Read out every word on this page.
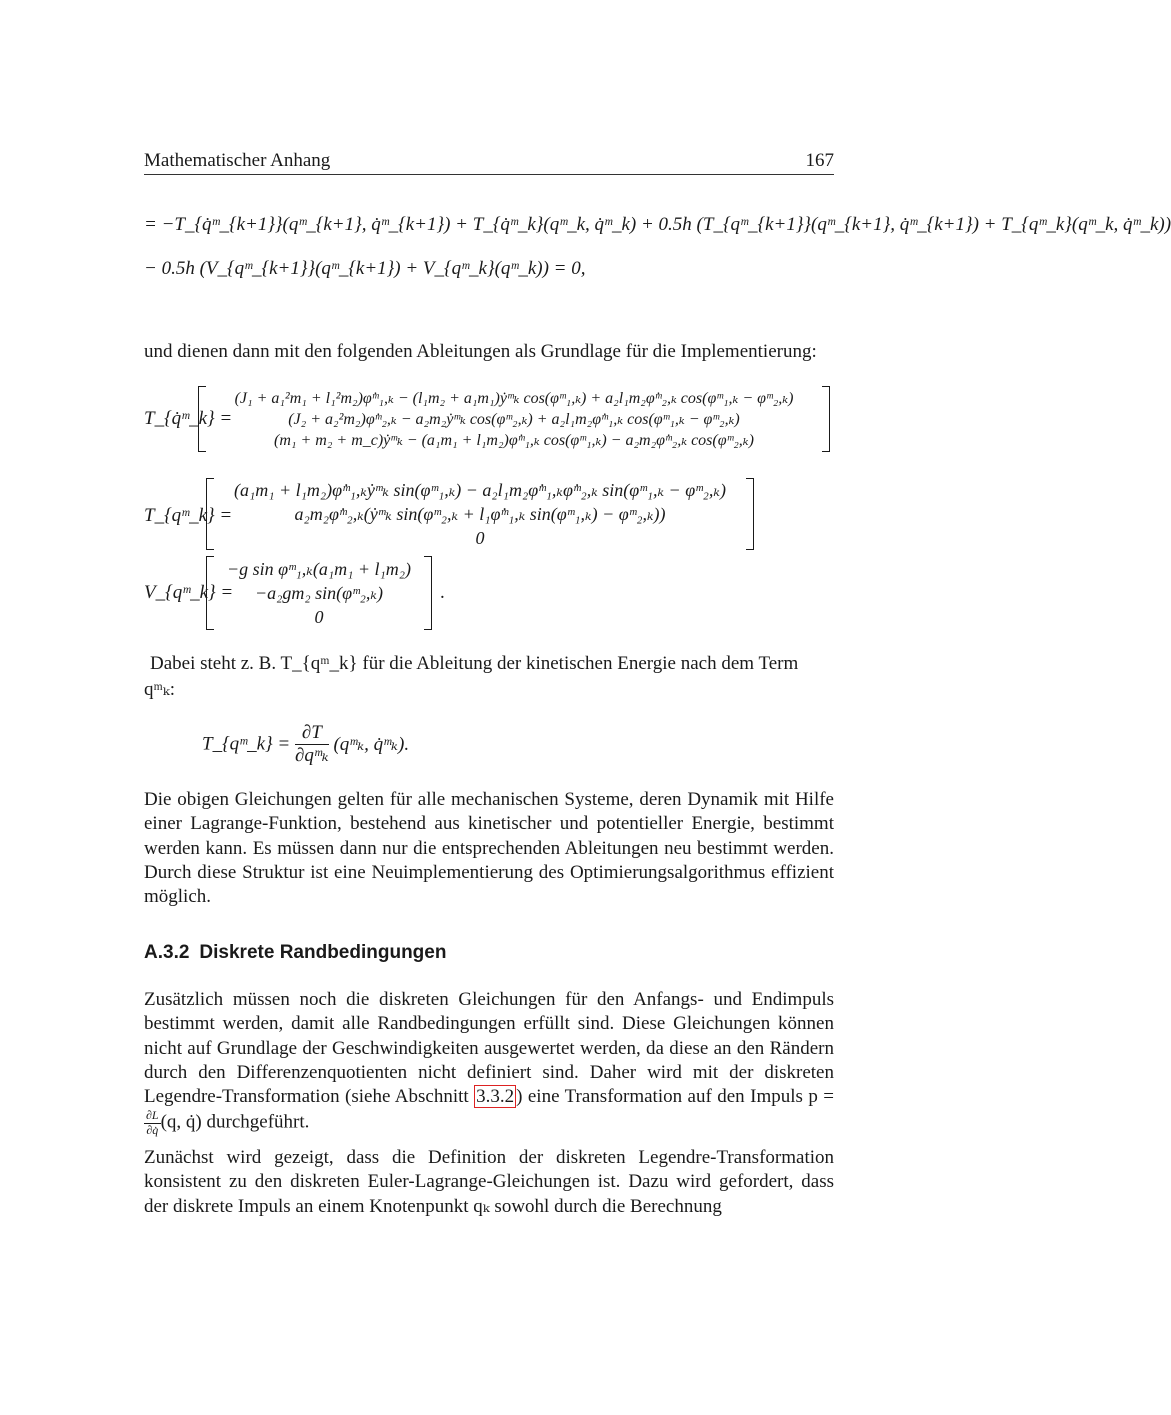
Mathematischer Anhang	167
= −T_{q̇ᵐ_{k+1}}(qᵐ_{k+1}, q̇ᵐ_{k+1}) + T_{q̇ᵐ_k}(qᵐ_k, q̇ᵐ_k) + 0.5h (T_{qᵐ_{k+1}}(qᵐ_{k+1}, q̇ᵐ_{k+1}) + T_{qᵐ_k}(qᵐ_k, q̇ᵐ_k))
− 0.5h (V_{qᵐ_{k+1}}(qᵐ_{k+1}) + V_{qᵐ_k}(qᵐ_k)) = 0,
und dienen dann mit den folgenden Ableitungen als Grundlage für die Implementierung:
T_{q̇ᵐ_k} =
(J₁ + a₁²m₁ + l₁²m₂)φ̇ᵐ₁,ₖ − (l₁m₂ + a₁m₁)ẏᵐₖ cos(φᵐ₁,ₖ) + a₂l₁m₂φ̇ᵐ₂,ₖ cos(φᵐ₁,ₖ − φᵐ₂,ₖ)
(J₂ + a₂²m₂)φ̇ᵐ₂,ₖ − a₂m₂ẏᵐₖ cos(φᵐ₂,ₖ) + a₂l₁m₂φ̇ᵐ₁,ₖ cos(φᵐ₁,ₖ − φᵐ₂,ₖ)
(m₁ + m₂ + m_c)ẏᵐₖ − (a₁m₁ + l₁m₂)φ̇ᵐ₁,ₖ cos(φᵐ₁,ₖ) − a₂m₂φ̇ᵐ₂,ₖ cos(φᵐ₂,ₖ)
T_{qᵐ_k} =
(a₁m₁ + l₁m₂)φ̇ᵐ₁,ₖẏᵐₖ sin(φᵐ₁,ₖ) − a₂l₁m₂φ̇ᵐ₁,ₖφ̇ᵐ₂,ₖ sin(φᵐ₁,ₖ − φᵐ₂,ₖ)
a₂m₂φ̇ᵐ₂,ₖ(ẏᵐₖ sin(φᵐ₂,ₖ + l₁φ̇ᵐ₁,ₖ sin(φᵐ₁,ₖ) − φᵐ₂,ₖ))
0
V_{qᵐ_k} =
−g sin φᵐ₁,ₖ(a₁m₁ + l₁m₂)
−a₂gm₂ sin(φᵐ₂,ₖ)
0
.
Dabei steht z. B. T_{qᵐ_k} für die Ableitung der kinetischen Energie nach dem Term
qᵐₖ:
T_{qᵐ_k} = $\frac{\partial T}{\text{∂qᵐₖ}}$ (qᵐₖ, q̇ᵐₖ).
Die obigen Gleichungen gelten für alle mechanischen Systeme, deren Dynamik mit Hilfe einer Lagrange-Funktion, bestehend aus kinetischer und potentieller Energie, bestimmt werden kann. Es müssen dann nur die entsprechenden Ableitungen neu bestimmt werden. Durch diese Struktur ist eine Neuimplementierung des Optimierungsalgorithmus effizient möglich.
A.3.2 Diskrete Randbedingungen
Zusätzlich müssen noch die diskreten Gleichungen für den Anfangs- und Endimpuls bestimmt werden, damit alle Randbedingungen erfüllt sind. Diese Gleichungen können nicht auf Grundlage der Geschwindigkeiten ausgewertet werden, da diese an den Rändern durch den Differenzenquotienten nicht definiert sind. Daher wird mit der diskreten Legendre-Transformation (siehe Abschnitt 3.3.2 ) eine Transformation auf den Impuls p =
$\frac{\partial L}{\partial q̇} (q$, q̇) durchgeführt.
Zunächst wird gezeigt, dass die Definition der diskreten Legendre-Transformation konsistent zu den diskreten Euler-Lagrange-Gleichungen ist. Dazu wird gefordert, dass der diskrete Impuls an einem Knotenpunkt qₖ sowohl durch die Berechnung
